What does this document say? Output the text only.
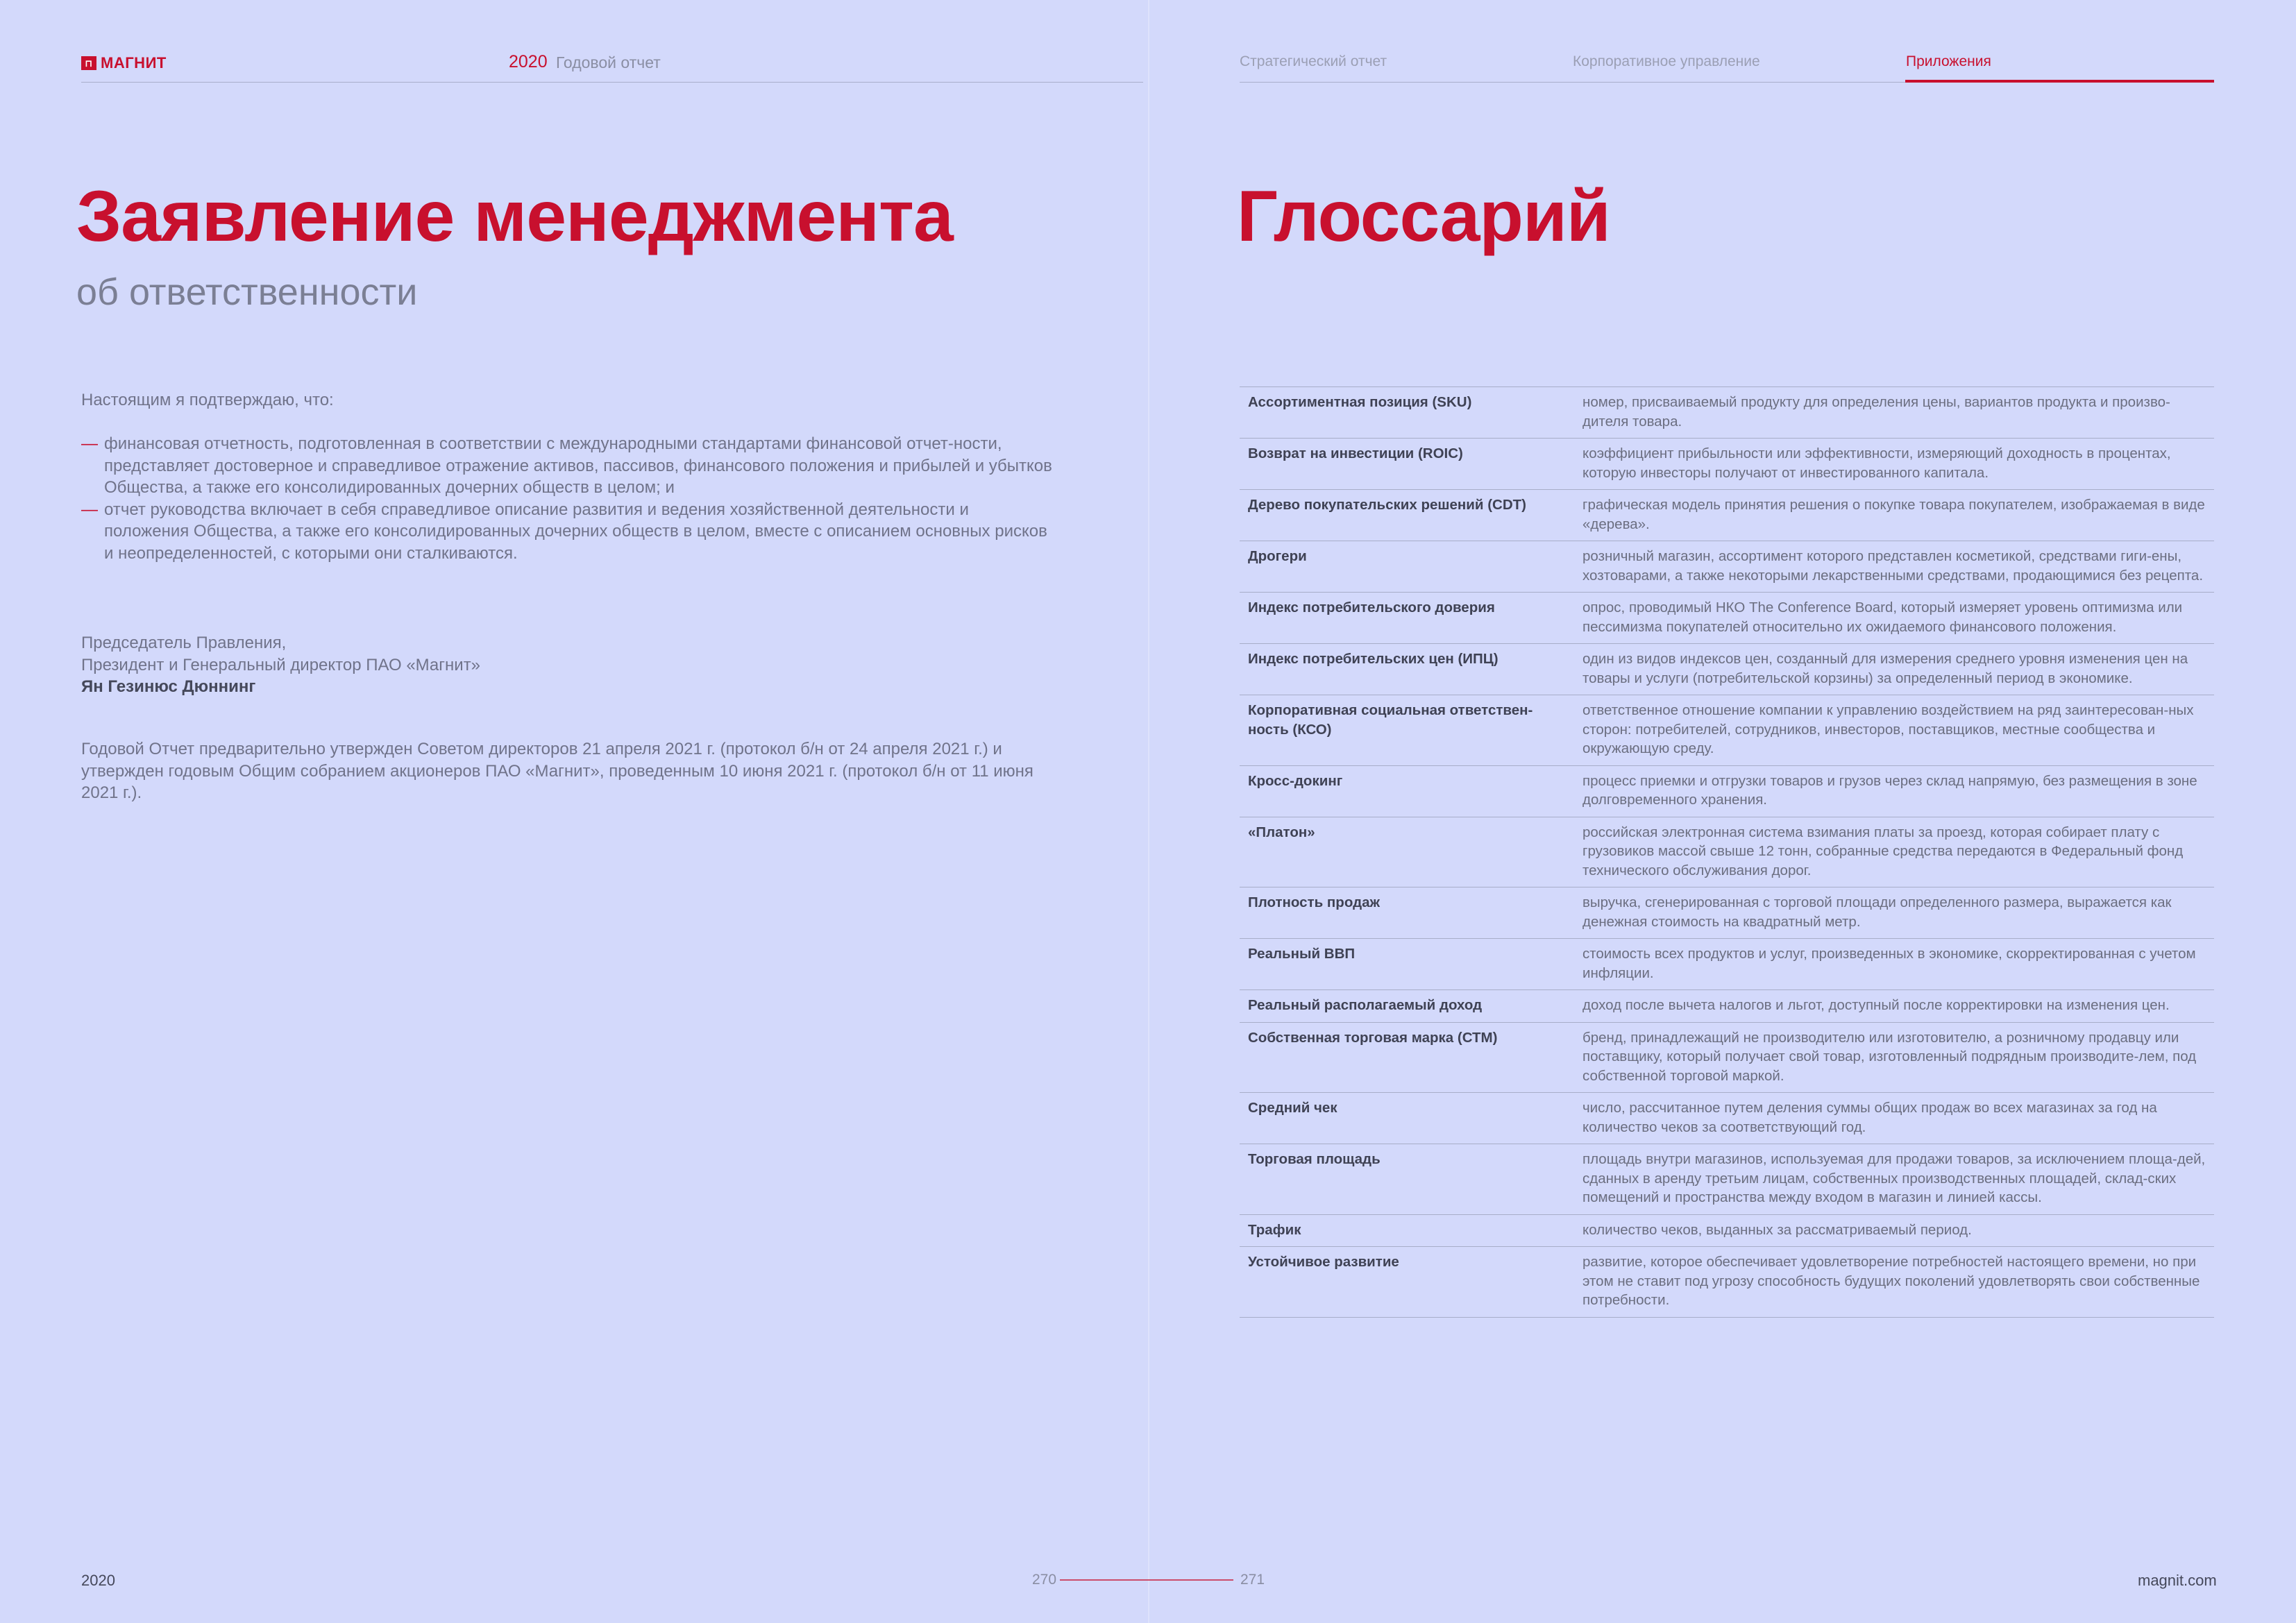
⊓ МАГНИТ	2020 Годовой отчет	Стратегический отчет	Корпоративное управление	Приложения
Заявление менеджмента
об ответственности

Настоящим я подтверждаю, что:

— финансовая отчетность, подготовленная в соответствии с международными стандартами финансовой отчет-ности, представляет достоверное и справедливое отражение активов, пассивов, финансового положения и прибылей и убытков Общества, а также его консолидированных дочерних обществ в целом; и
— отчет руководства включает в себя справедливое описание развития и ведения хозяйственной деятельности и положения Общества, а также его консолидированных дочерних обществ в целом, вместе с описанием основных рисков и неопределенностей, с которыми они сталкиваются.
Председатель Правления,
Президент и Генеральный директор ПАО «Магнит»
Ян Гезинюс Дюннинг

Годовой Отчет предварительно утвержден Советом директоров 21 апреля 2021 г. (протокол б/н от 24 апреля 2021 г.) и утвержден годовым Общим собранием акционеров ПАО «Магнит», проведенным 10 июня 2021 г. (протокол б/н от 11 июня 2021 г.).

Глоссарий
Ассортиментная позиция (SKU)	номер, присваиваемый продукту для определения цены, вариантов продукта и произво-дителя товара.
Возврат на инвестиции (ROIC)	коэффициент прибыльности или эффективности, измеряющий доходность в процентах, которую инвесторы получают от инвестированного капитала.
Дерево покупательских решений (CDT)	графическая модель принятия решения о покупке товара покупателем, изображаемая в виде «дерева».
Дрогери	розничный магазин, ассортимент которого представлен косметикой, средствами гиги-ены, хозтоварами, а также некоторыми лекарственными средствами, продающимися без рецепта.
Индекс потребительского доверия	опрос, проводимый НКО The Conference Board, который измеряет уровень оптимизма или пессимизма покупателей относительно их ожидаемого финансового положения.
Индекс потребительских цен (ИПЦ)	один из видов индексов цен, созданный для измерения среднего уровня изменения цен на товары и услуги (потребительской корзины) за определенный период в экономике.
Корпоративная социальная ответствен-ность (КСО)	ответственное отношение компании к управлению воздействием на ряд заинтересован-ных сторон: потребителей, сотрудников, инвесторов, поставщиков, местные сообщества и окружающую среду.
Кросс-докинг	процесс приемки и отгрузки товаров и грузов через склад напрямую, без размещения в зоне долговременного хранения.
«Платон»	российская электронная система взимания платы за проезд, которая собирает плату с грузовиков массой свыше 12 тонн, собранные средства передаются в Федеральный фонд технического обслуживания дорог.
Плотность продаж	выручка, сгенерированная с торговой площади определенного размера, выражается как денежная стоимость на квадратный метр.
Реальный ВВП	стоимость всех продуктов и услуг, произведенных в экономике, скорректированная с учетом инфляции.
Реальный располагаемый доход	доход после вычета налогов и льгот, доступный после корректировки на изменения цен.
Собственная торговая марка (СТМ)	бренд, принадлежащий не производителю или изготовителю, а розничному продавцу или поставщику, который получает свой товар, изготовленный подрядным производите-лем, под собственной торговой маркой.
Средний чек	число, рассчитанное путем деления суммы общих продаж во всех магазинах за год на количество чеков за соответствующий год.
Торговая площадь	площадь внутри магазинов, используемая для продажи товаров, за исключением площа-дей, сданных в аренду третьим лицам, собственных производственных площадей, склад-ских помещений и пространства между входом в магазин и линией кассы.
Трафик	количество чеков, выданных за рассматриваемый период.
Устойчивое развитие	развитие, которое обеспечивает удовлетворение потребностей настоящего времени, но при этом не ставит под угрозу способность будущих поколений удовлетворять свои собственные потребности.
2020	270	271	magnit.com
